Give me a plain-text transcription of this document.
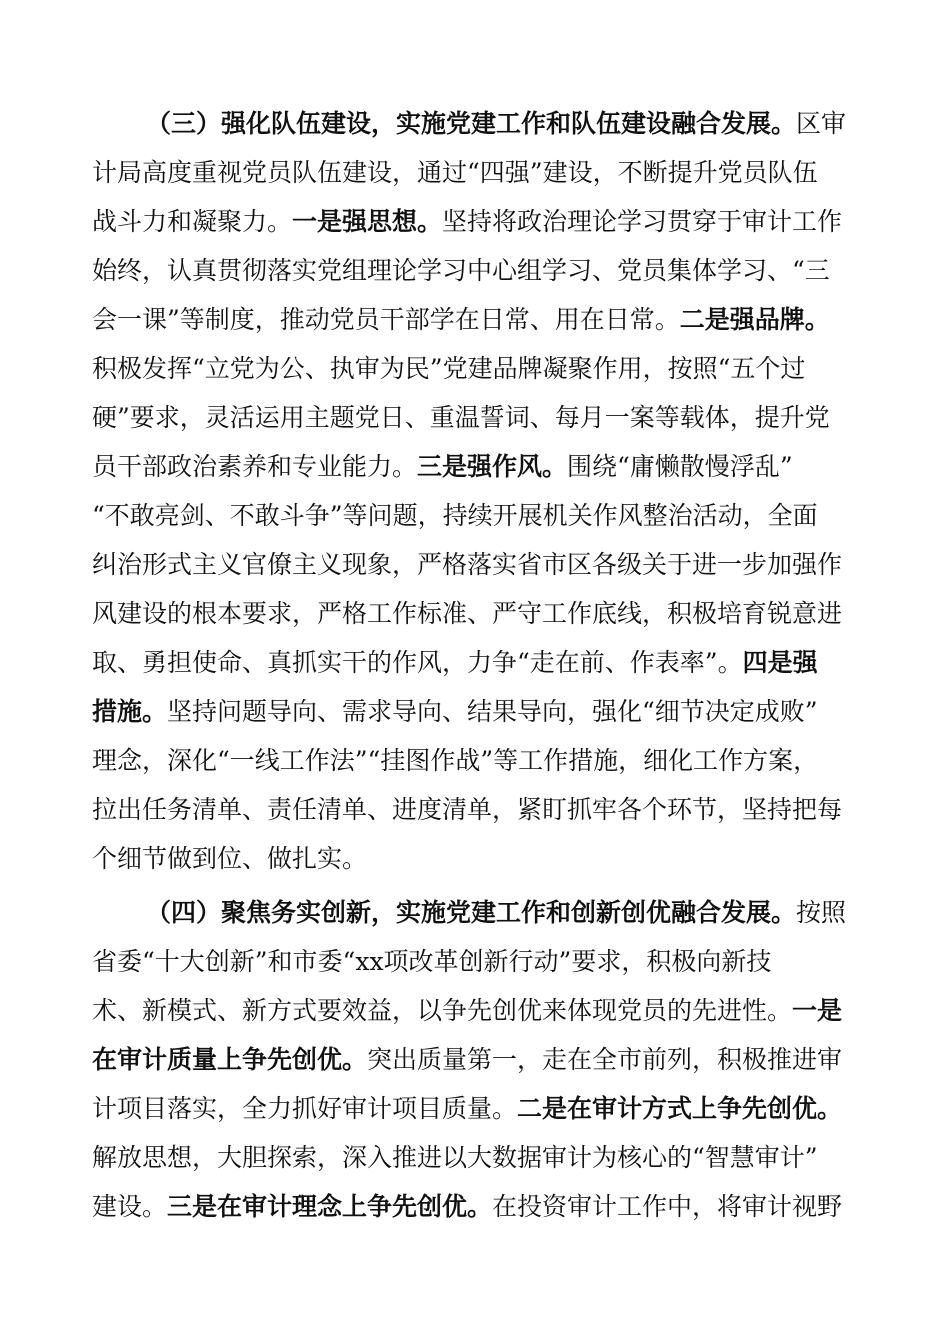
（三）强化队伍建设，实施党建工作和队伍建设融合发展。区审
计局高度重视党员队伍建设，通过“四强”建设，不断提升党员队伍
战斗力和凝聚力。一是强思想。坚持将政治理论学习贯穿于审计工作
始终，认真贯彻落实党组理论学习中心组学习、党员集体学习、“三
会一课”等制度，推动党员干部学在日常、用在日常。二是强品牌。
积极发挥“立党为公、执审为民”党建品牌凝聚作用，按照“五个过
硬”要求，灵活运用主题党日、重温誓词、每月一案等载体，提升党
员干部政治素养和专业能力。三是强作风。围绕“庸懒散慢浮乱”
“不敢亮剑、不敢斗争”等问题，持续开展机关作风整治活动，全面
纠治形式主义官僚主义现象，严格落实省市区各级关于进一步加强作
风建设的根本要求，严格工作标准、严守工作底线，积极培育锐意进
取、勇担使命、真抓实干的作风，力争“走在前、作表率”。四是强
措施。坚持问题导向、需求导向、结果导向，强化“细节决定成败”
理念，深化“一线工作法”“挂图作战”等工作措施，细化工作方案，
拉出任务清单、责任清单、进度清单，紧盯抓牢各个环节，坚持把每
个细节做到位、做扎实。
（四）聚焦务实创新，实施党建工作和创新创优融合发展。按照
省委“十大创新”和市委“xx项改革创新行动”要求，积极向新技
术、新模式、新方式要效益，以争先创优来体现党员的先进性。一是
在审计质量上争先创优。突出质量第一，走在全市前列，积极推进审
计项目落实，全力抓好审计项目质量。二是在审计方式上争先创优。
解放思想，大胆探索，深入推进以大数据审计为核心的“智慧审计”
建设。三是在审计理念上争先创优。在投资审计工作中，将审计视野
